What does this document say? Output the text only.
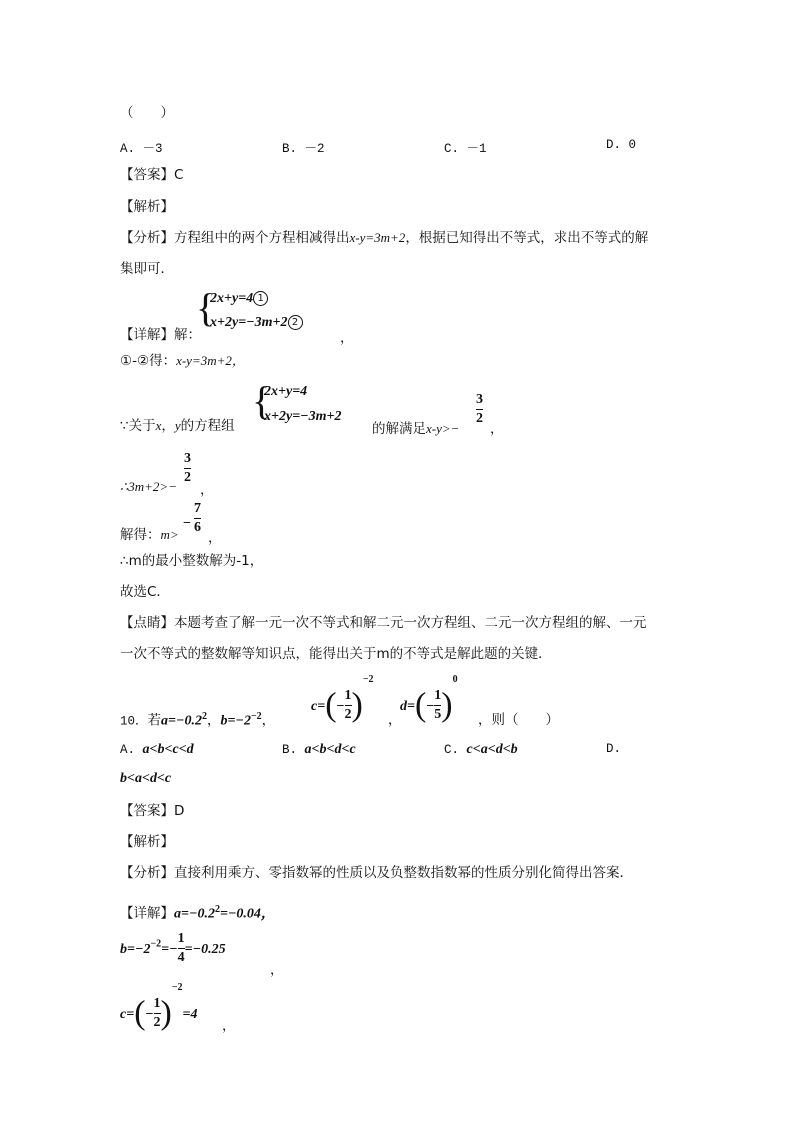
（　　）
A. －3	B. －2	C. －1	D. 0
【答案】C
【解析】
【分析】方程组中的两个方程相减得出x-y=3m+2，根据已知得出不等式，求出不等式的解
集即可．
【详解】解：
{
2x+y=4 1
x+2y=−3m+2 2
，
①-②得：x-y=3m+2，
∵关于x，y的方程组
{
2x+y=4
x+2y=−3m+2
的解满足x-y>−
$\frac{3}{2}$
，
∴3m+2>−
$\frac{3}{2}$
，
解得：m>
− $\frac{7}{6}$
，
∴m的最小整数解为-1，
故选C．
【点睛】本题考查了解一元一次不等式和解二元一次方程组、二元一次方程组的解、一元
一次不等式的整数解等知识点，能得出关于m的不等式是解此题的关键．
10．若$a=-0.2^2$，$b=-2^{-2}$，
$c=(- \frac{1}{2} )^{-2}$
，
$d=(- \frac{1}{5} )^0$
，则（　　）
A. a<b<c<d	B. a<b<d<c	C. c<a<d<b	D.
b<a<d<c
【答案】D
【解析】
【分析】直接利用乘方、零指数幂的性质以及负整数指数幂的性质分别化简得出答案．
【详解】$a=-0.2^2=-0.04$，
$b=-2^{-2}=- \frac{1}{4} =-0.25$
，
$c=(- \frac{1}{2} )^{-2}=4$
，
